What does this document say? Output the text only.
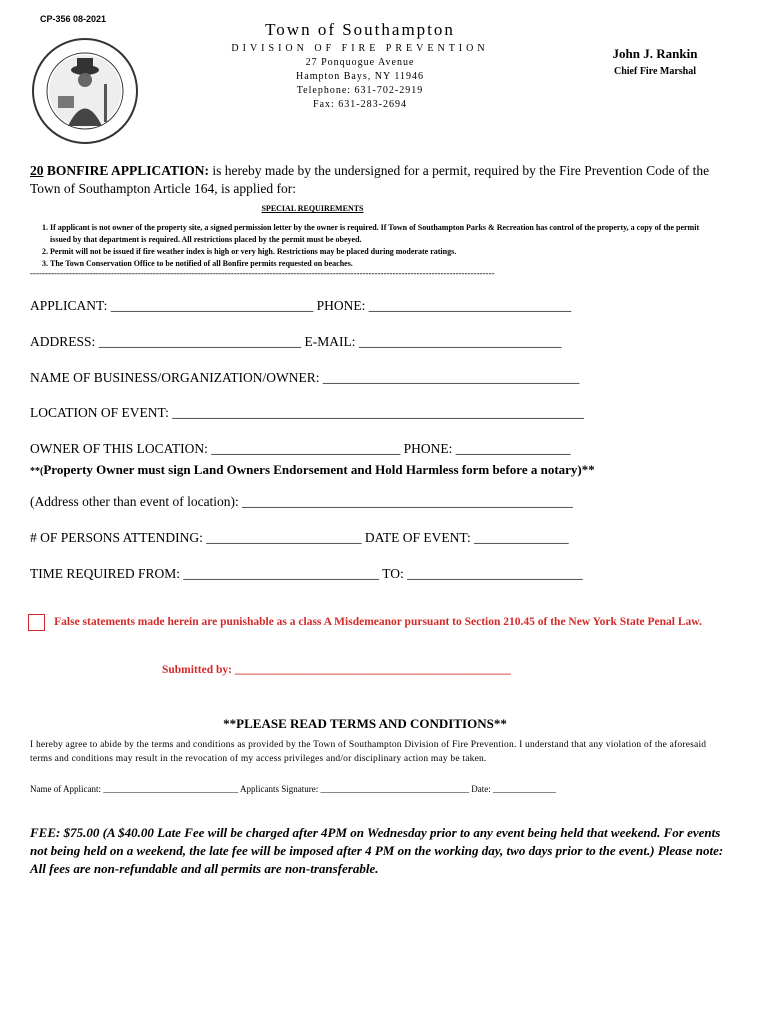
CP-356 08-2021
Town of Southampton
DIVISION OF FIRE PREVENTION
27 Ponquogue Avenue
Hampton Bays, NY 11946
Telephone: 631-702-2919
Fax: 631-283-2694
John J. Rankin
Chief Fire Marshal
20 BONFIRE APPLICATION: is hereby made by the undersigned for a permit, required by the Fire Prevention Code of the Town of Southampton Article 164, is applied for:
SPECIAL REQUIREMENTS
1. If applicant is not owner of the property site, a signed permission letter by the owner is required. If Town of Southampton Parks & Recreation has control of the property, a copy of the permit issued by that department is required. All restrictions placed by the permit must be obeyed.
2. Permit will not be issued if fire weather index is high or very high. Restrictions may be placed during moderate ratings.
3. The Town Conservation Office to be notified of all Bonfire permits requested on beaches.
-----------------------------------------------------------------------------------------------------------------------------------------------------------
APPLICANT: ______________________________ PHONE: ______________________________
ADDRESS: ______________________________ E-MAIL: ______________________________
NAME OF BUSINESS/ORGANIZATION/OWNER: ______________________________________
LOCATION OF EVENT: _____________________________________________________________
OWNER OF THIS LOCATION: ____________________________ PHONE: _________________
**(Property Owner must sign Land Owners Endorsement and Hold Harmless form before a notary)**
(Address other than event of location): _________________________________________________
# OF PERSONS ATTENDING: _______________________ DATE OF EVENT: ______________
TIME REQUIRED FROM: _____________________________ TO: __________________________
False statements made herein are punishable as a class A Misdemeanor pursuant to Section 210.45 of the New York State Penal Law.
Submitted by: ________________________________________________
**PLEASE READ TERMS AND CONDITIONS**
I hereby agree to abide by the terms and conditions as provided by the Town of Southampton Division of Fire Prevention. I understand that any violation of the aforesaid terms and conditions may result in the revocation of my access privileges and/or disciplinary action may be taken.
Name of Applicant: ______________________________ Applicants Signature: _________________________________ Date: ______________
FEE: $75.00 (A $40.00 Late Fee will be charged after 4PM on Wednesday prior to any event being held that weekend. For events not being held on a weekend, the late fee will be imposed after 4 PM on the working day, two days prior to the event.) Please note: All fees are non-refundable and all permits are non-transferable.
